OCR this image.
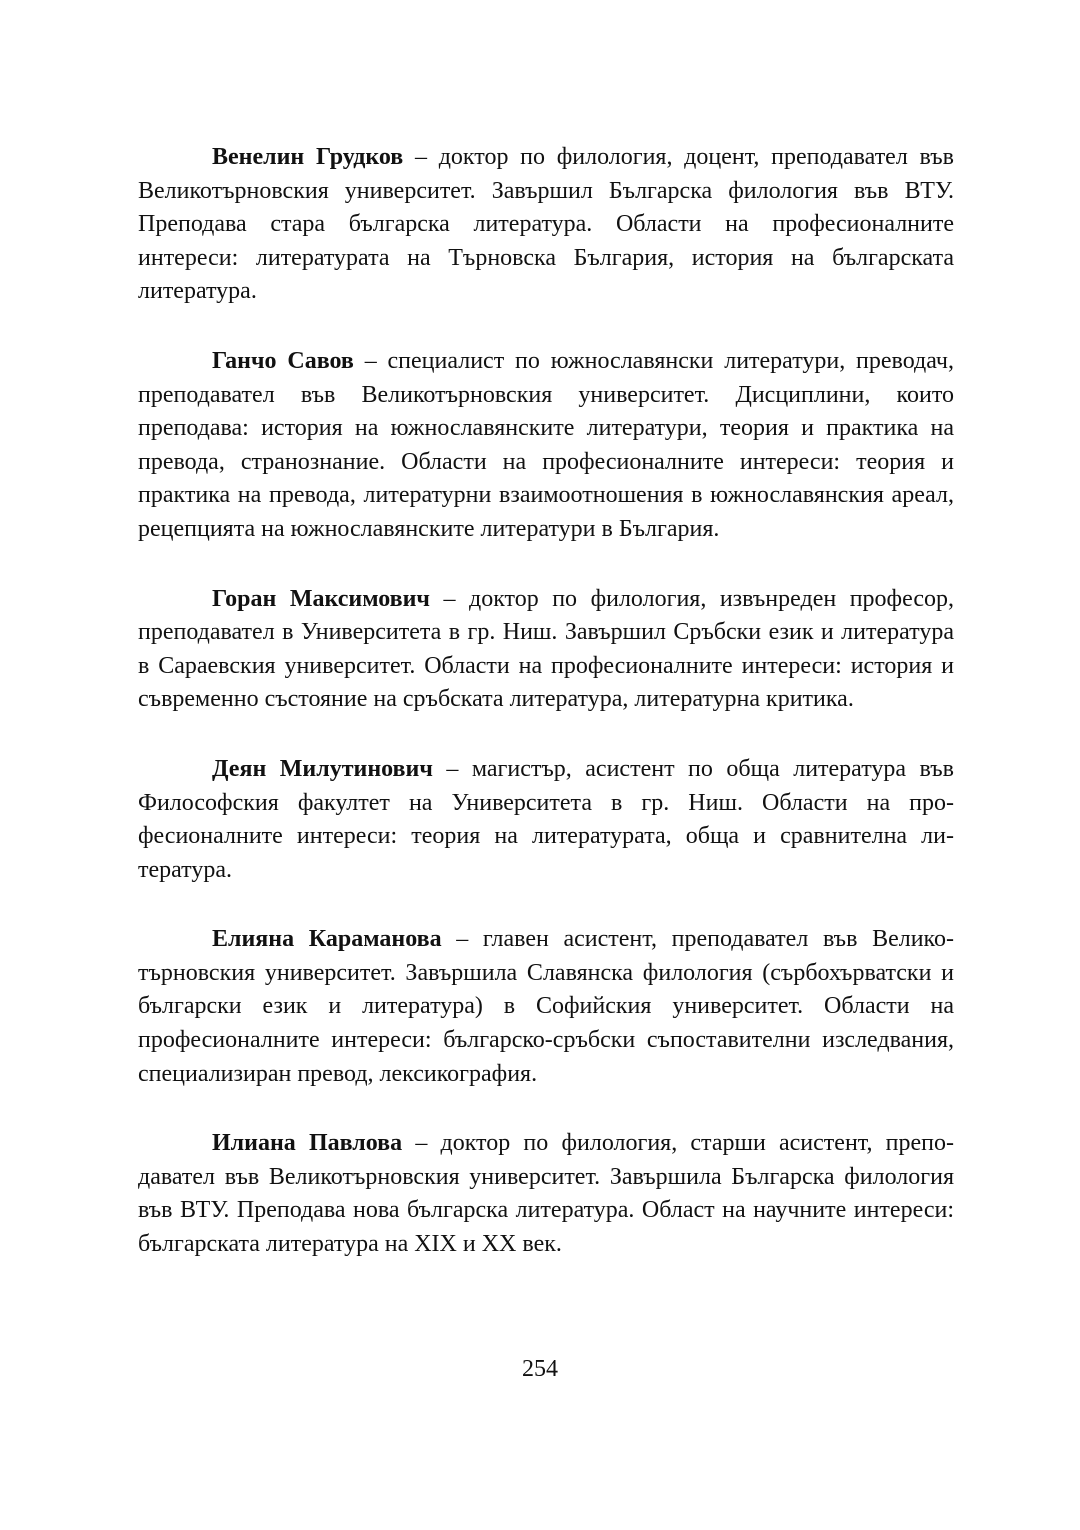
Венелин Грудков – доктор по филология, доцент, преподавател във Великотърновския университет. Завършил Българска филология във ВТУ. Преподава стара българска литература. Области на професионалните интереси: литературата на Търновска България, история на българската литература.

Ганчо Савов – специалист по южнославянски литератури, преводач, преподавател във Великотърновския университет. Дисциплини, които преподава: история на южнославянските литератури, теория и практика на превода, странознание. Области на професионалните интереси: теория и практика на превода, литературни взаимоотношения в южнославянския ареал, рецепцията на южнославянските литератури в България.

Горан Максимович – доктор по филология, извънреден професор, преподавател в Университета в гр. Ниш. Завършил Сръбски език и литература в Сараевския университет. Области на професионалните интереси: история и съвременно състояние на сръбската литература, литературна критика.

Деян Милутинович – магистър, асистент по обща литература във Философския факултет на Университета в гр. Ниш. Области на професионалните интереси: теория на литературата, обща и сравнителна литература.

Елияна Караманова – главен асистент, преподавател във Великотърновския университет. Завършила Славянска филология (сърбохърватски и български език и литература) в Софийския университет. Области на професионалните интереси: българско-сръбски съпоставителни изследвания, специализиран превод, лексикография.

Илиана Павлова – доктор по филология, старши асистент, преподавател във Великотърновския университет. Завършила Българска филология във ВТУ. Преподава нова българска литература. Област на научните интереси: българската литература на XIX и XX век.

254
